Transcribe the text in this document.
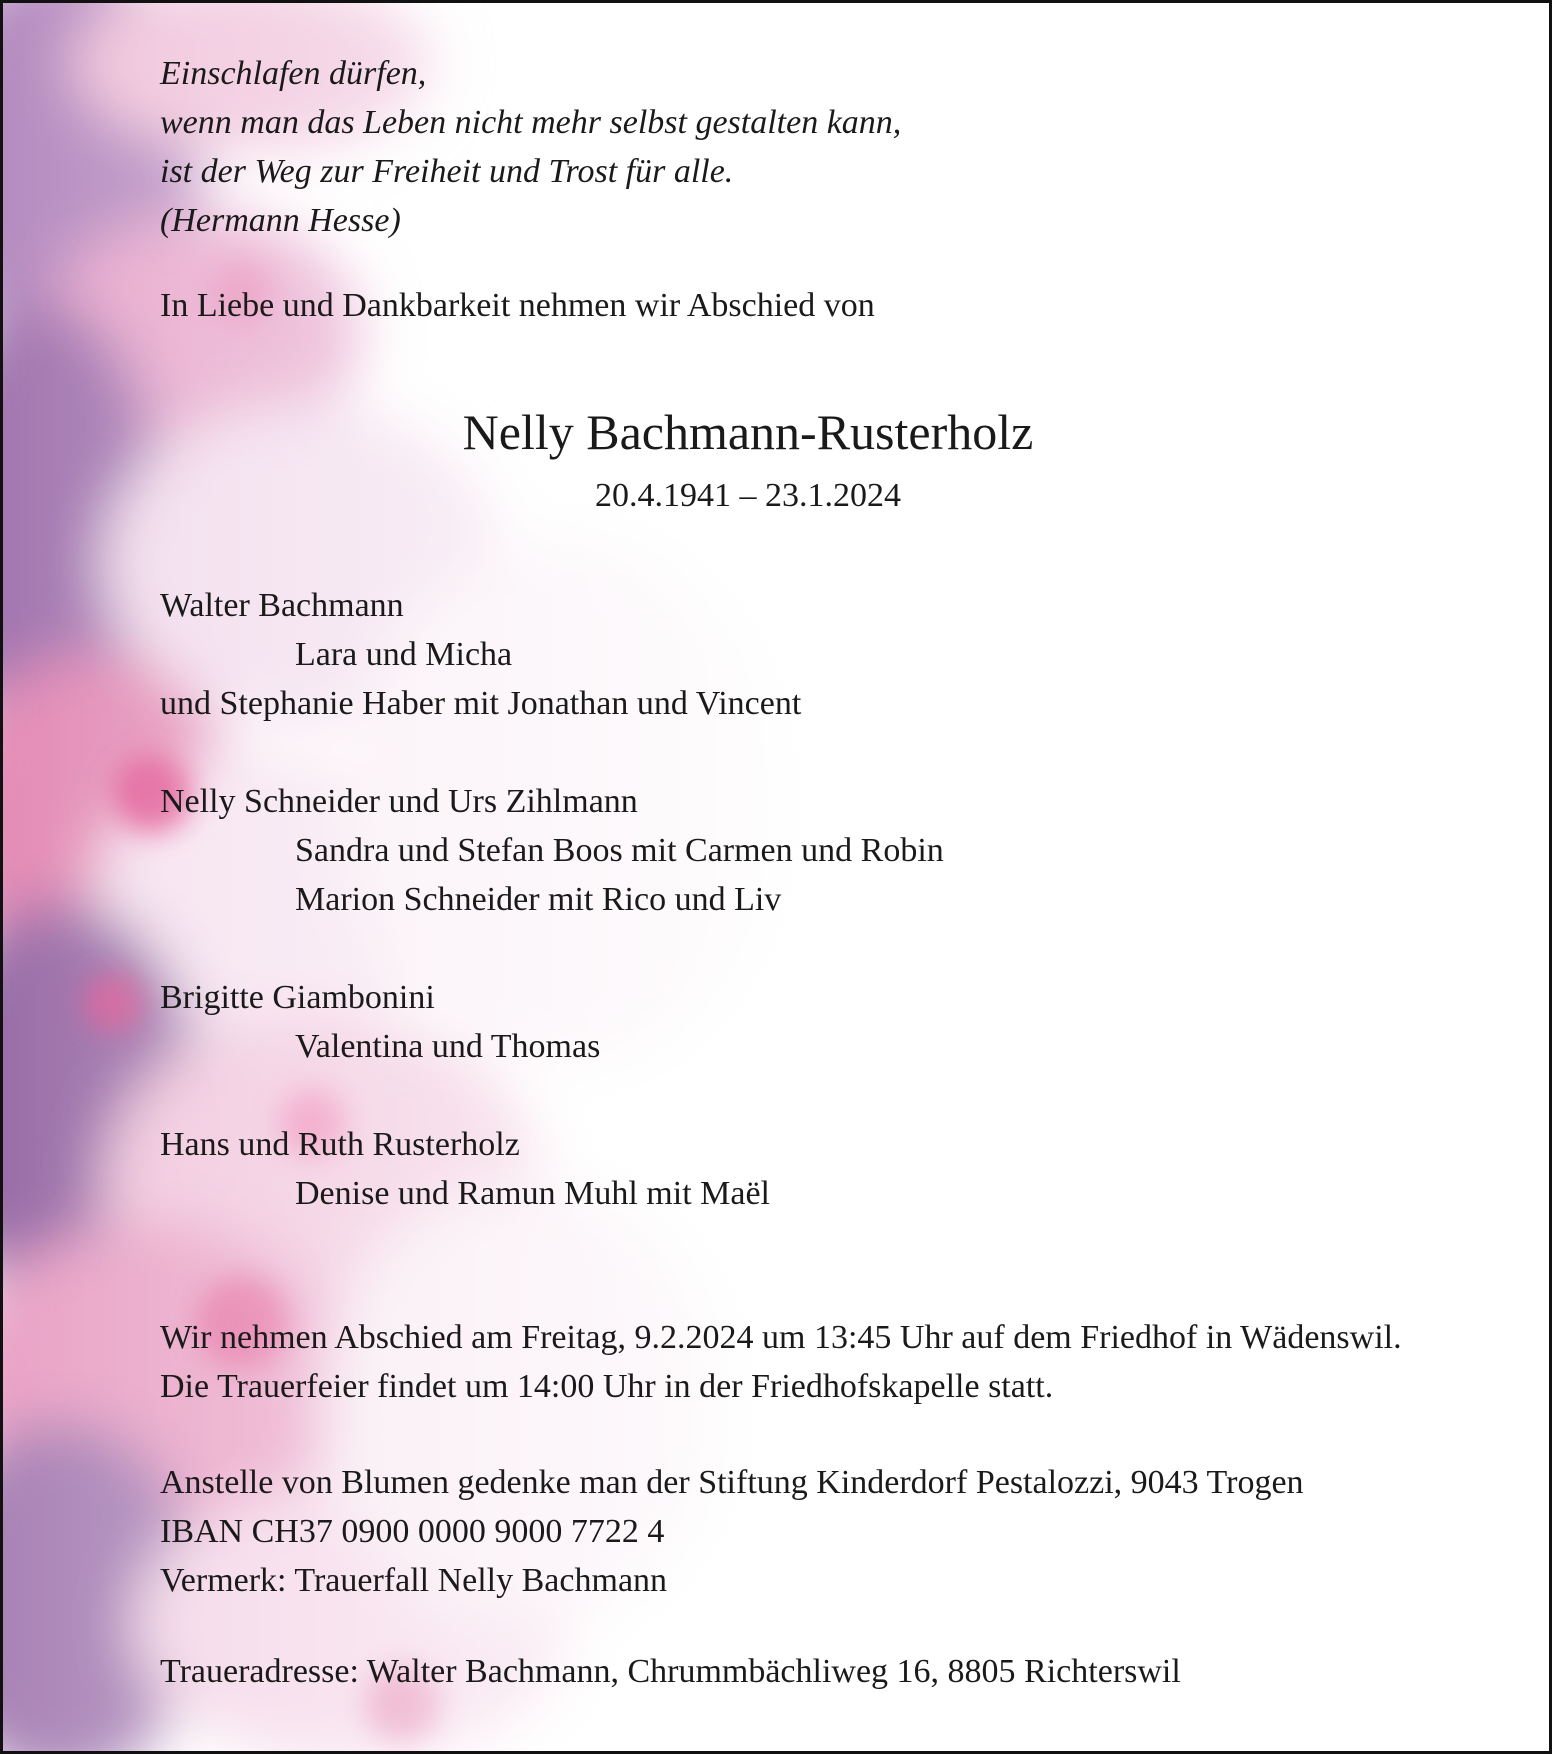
Einschlafen dürfen,
wenn man das Leben nicht mehr selbst gestalten kann,
ist der Weg zur Freiheit und Trost für alle.
(Hermann Hesse)
In Liebe und Dankbarkeit nehmen wir Abschied von
Nelly Bachmann-Rusterholz
20.4.1941 – 23.1.2024
Walter Bachmann
Lara und Micha
und Stephanie Haber mit Jonathan und Vincent
Nelly Schneider und Urs Zihlmann
Sandra und Stefan Boos mit Carmen und Robin
Marion Schneider mit Rico und Liv
Brigitte Giambonini
Valentina und Thomas
Hans und Ruth Rusterholz
Denise und Ramun Muhl mit Maël
Wir nehmen Abschied am Freitag, 9.2.2024 um 13:45 Uhr auf dem Friedhof in Wädenswil.
Die Trauerfeier findet um 14:00 Uhr in der Friedhofskapelle statt.
Anstelle von Blumen gedenke man der Stiftung Kinderdorf Pestalozzi, 9043 Trogen
IBAN CH37 0900 0000 9000 7722 4
Vermerk: Trauerfall Nelly Bachmann
Traueradresse: Walter Bachmann, Chrummbächliweg 16, 8805 Richterswil
